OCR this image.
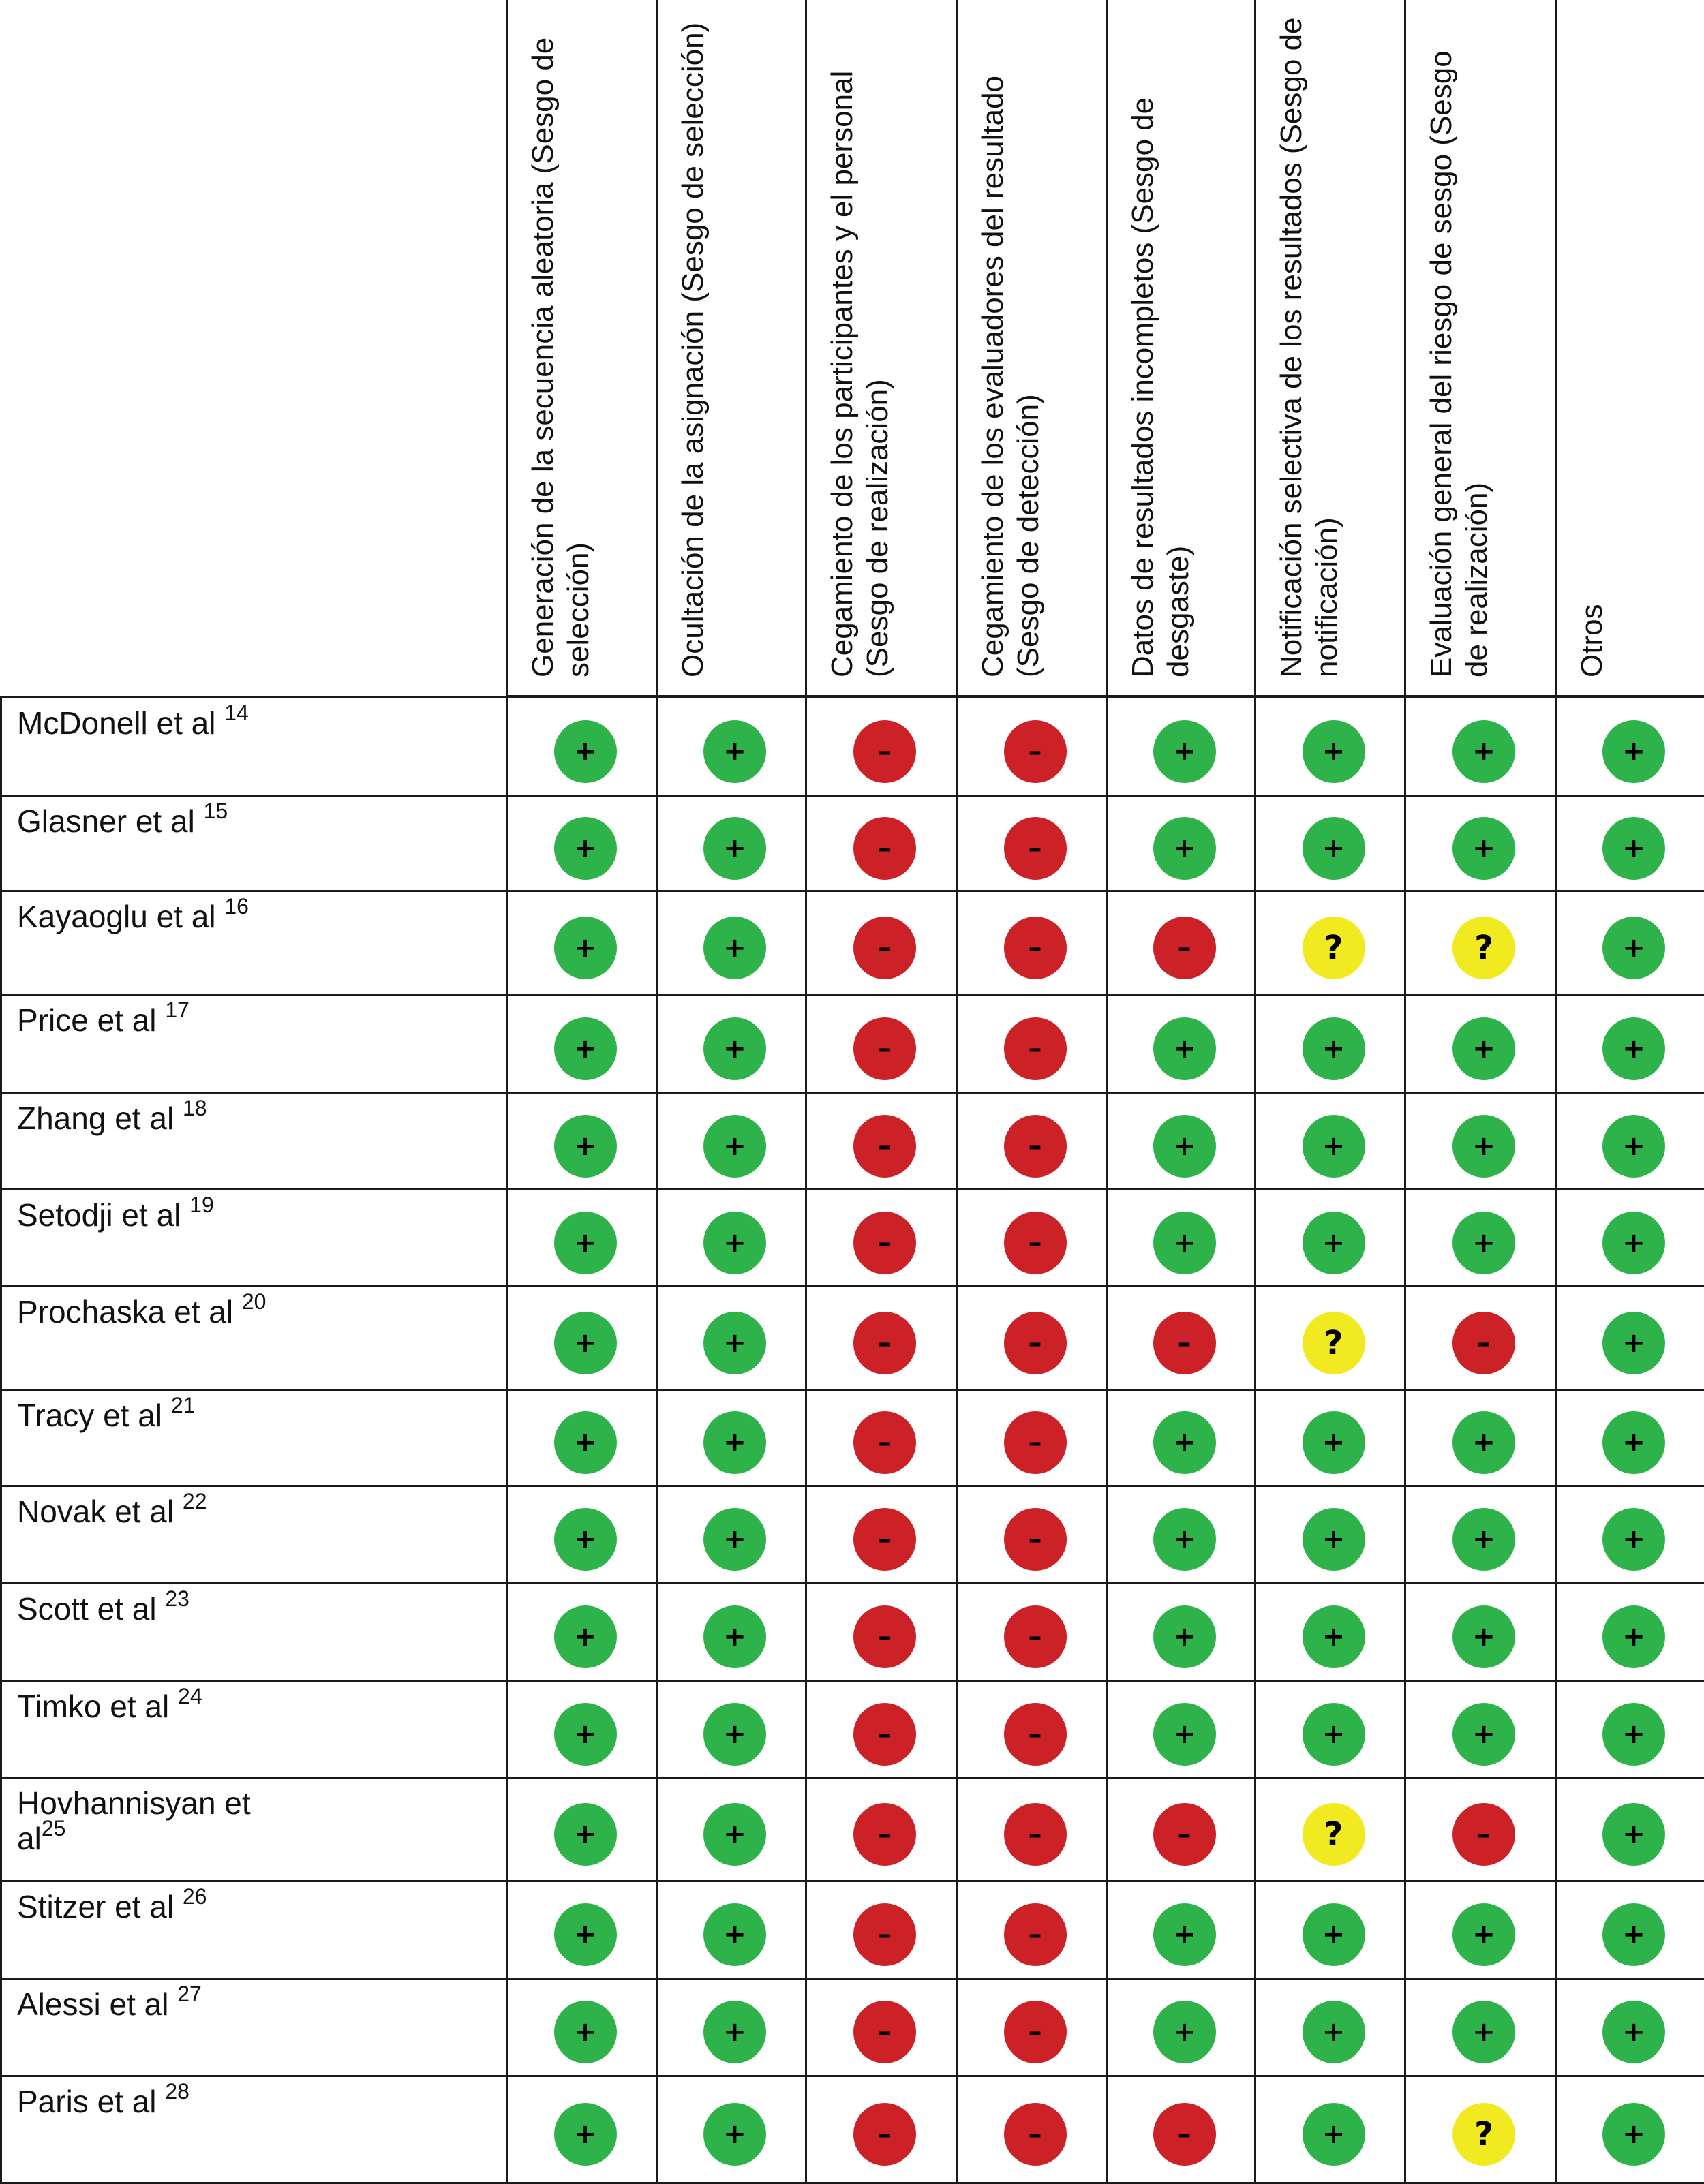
Generación de la secuencia aleatoria (Sesgo de selección)	Ocultación de la asignación (Sesgo de selección)	Cegamiento de los participantes y el personal (Sesgo de realización)	Cegamiento de los evaluadores del resultado (Sesgo de detección)	Datos de resultados incompletos (Sesgo de desgaste)	Notificación selectiva de los resultados (Sesgo de notificación)	Evaluación general del riesgo de sesgo (Sesgo de realización)	Otros
McDonell et al $^{14}$
+	+	–	–	+	+	+	+
Glasner et al $^{15}$
+	+	–	–	+	+	+	+
Kayaoglu et al $^{16}$
+	+	–	–	–	?	?	+
Price et al $^{17}$
+	+	–	–	+	+	+	+
Zhang et al $^{18}$
+	+	–	–	+	+	+	+
Setodji et al $^{19}$
+	+	–	–	+	+	+	+
Prochaska et al $^{20}$
+	+	–	–	–	?	–	+
Tracy et al $^{21}$
+	+	–	–	+	+	+	+
Novak et al $^{22}$
+	+	–	–	+	+	+	+
Scott et al $^{23}$
+	+	–	–	+	+	+	+
Timko et al $^{24}$
+	+	–	–	+	+	+	+
Hovhannisyan et
$al^{25}$	+	+	–	–	–	?	–	+
Stitzer et al $^{26}$
+	+	–	–	+	+	+	+
Alessi et al $^{27}$
+	+	–	–	+	+	+	+
Paris et al $^{28}$
+	+	–	–	–	+	?	+
